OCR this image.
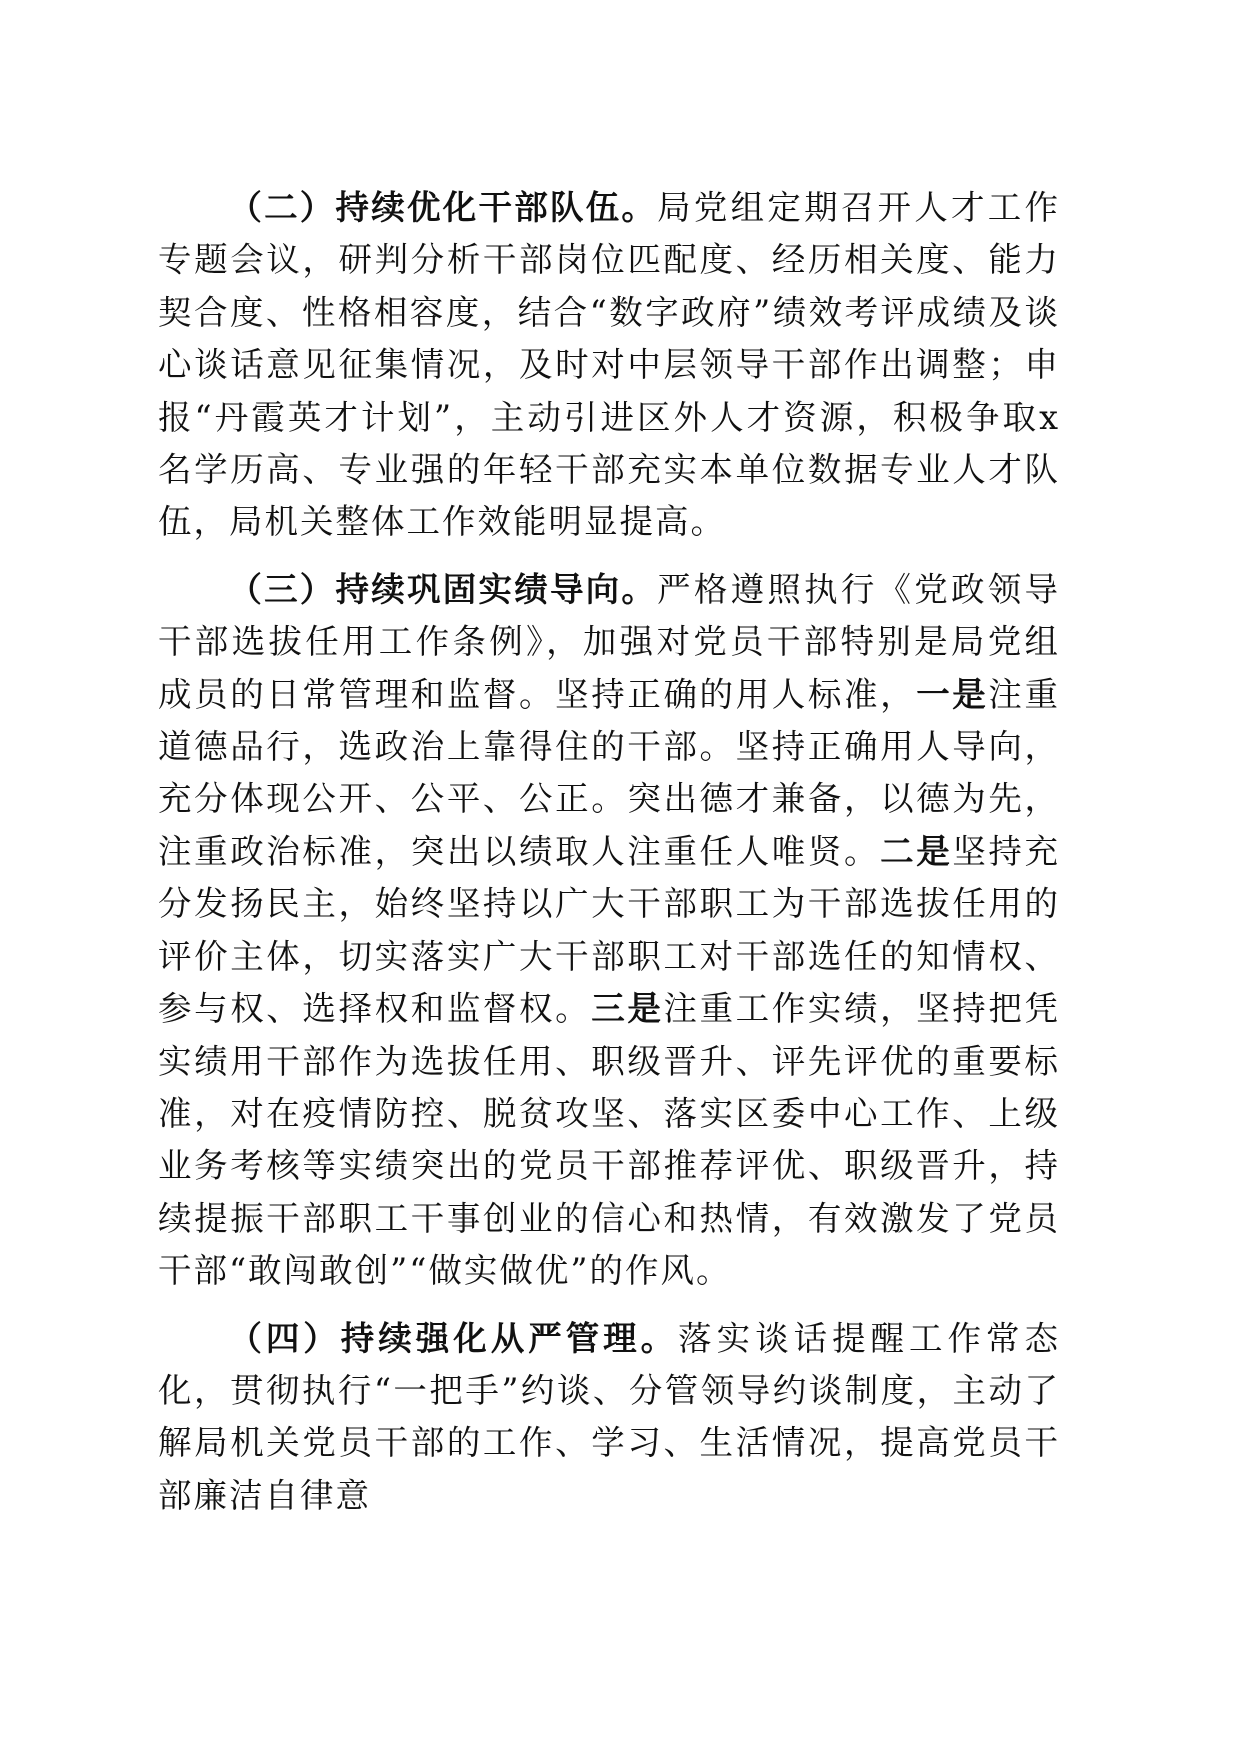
（二）持续优化干部队伍。局党组定期召开人才工作专题会议，研判分析干部岗位匹配度、经历相关度、能力契合度、性格相容度，结合“数字政府”绩效考评成绩及谈心谈话意见征集情况，及时对中层领导干部作出调整；申报“丹霞英才计划”，主动引进区外人才资源，积极争取x名学历高、专业强的年轻干部充实本单位数据专业人才队伍，局机关整体工作效能明显提高。

（三）持续巩固实绩导向。严格遵照执行《党政领导干部选拔任用工作条例》，加强对党员干部特别是局党组成员的日常管理和监督。坚持正确的用人标准，一是注重道德品行，选政治上靠得住的干部。坚持正确用人导向，充分体现公开、公平、公正。突出德才兼备，以德为先，注重政治标准，突出以绩取人注重任人唯贤。二是坚持充分发扬民主，始终坚持以广大干部职工为干部选拔任用的评价主体，切实落实广大干部职工对干部选任的知情权、参与权、选择权和监督权。三是注重工作实绩，坚持把凭实绩用干部作为选拔任用、职级晋升、评先评优的重要标准，对在疫情防控、脱贫攻坚、落实区委中心工作、上级业务考核等实绩突出的党员干部推荐评优、职级晋升，持续提振干部职工干事创业的信心和热情，有效激发了党员干部“敢闯敢创”“做实做优”的作风。

（四）持续强化从严管理。落实谈话提醒工作常态化，贯彻执行“一把手”约谈、分管领导约谈制度，主动了解局机关党员干部的工作、学习、生活情况，提高党员干部廉洁自律意
